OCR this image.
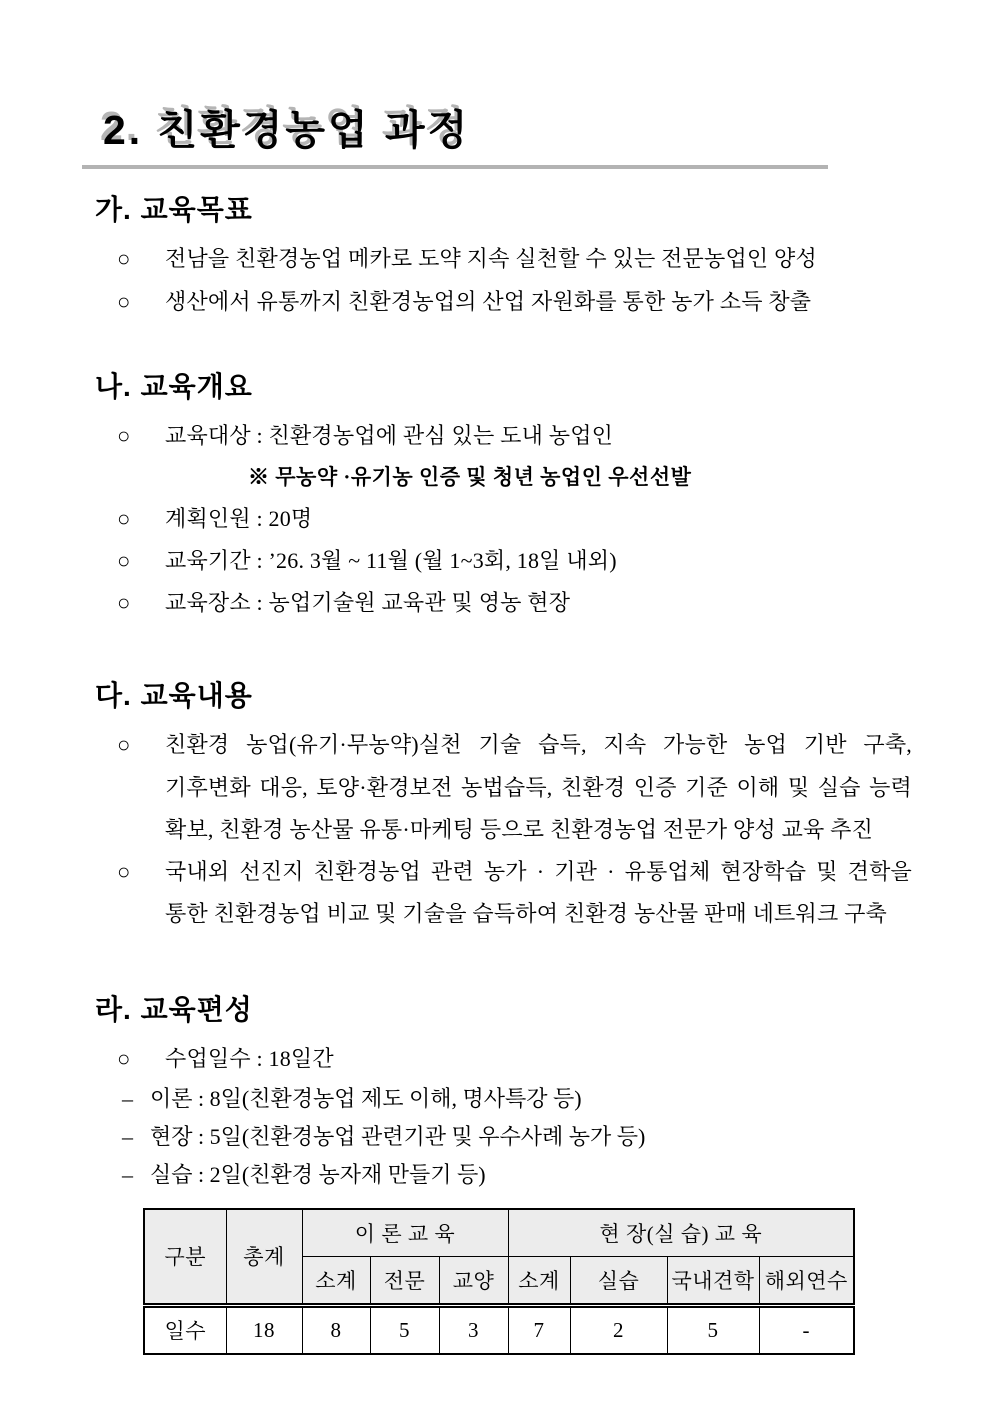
2. 친환경농업 과정
가. 교육목표
○	전남을 친환경농업 메카로 도약 지속 실천할 수 있는 전문농업인 양성
○	생산에서 유통까지 친환경농업의 산업 자원화를 통한 농가 소득 창출
나. 교육개요
○	교육대상 : 친환경농업에 관심 있는 도내 농업인
※ 무농약 ·유기농 인증 및 청년 농업인 우선선발
○	계획인원 : 20명
○	교육기간 : ’26. 3월 ~ 11월 (월 1~3회, 18일 내외)
○	교육장소 : 농업기술원 교육관 및 영농 현장
다. 교육내용
○	친환경 농업(유기·무농약)실천 기술 습득, 지속 가능한 농업 기반 구축, 기후변화 대응, 토양·환경보전 농법습득, 친환경 인증 기준 이해 및 실습 능력 확보, 친환경 농산물 유통·마케팅 등으로 친환경농업 전문가 양성 교육 추진
○	국내외 선진지 친환경농업 관련 농가 · 기관 · 유통업체 현장학습 및 견학을 통한 친환경농업 비교 및 기술을 습득하여 친환경 농산물 판매 네트워크 구축
라. 교육편성
○	수업일수 : 18일간
– 이론 : 8일(친환경농업 제도 이해, 명사특강 등)
– 현장 : 5일(친환경농업 관련기관 및 우수사례 농가 등)
– 실습 : 2일(친환경 농자재 만들기 등)
구분	총계	이 론 교 육			현 장(실 습) 교 육			
		소계	전문	교양	소계	실습	국내견학	해외연수
일수	18	8	5	3	7	2	5	-
